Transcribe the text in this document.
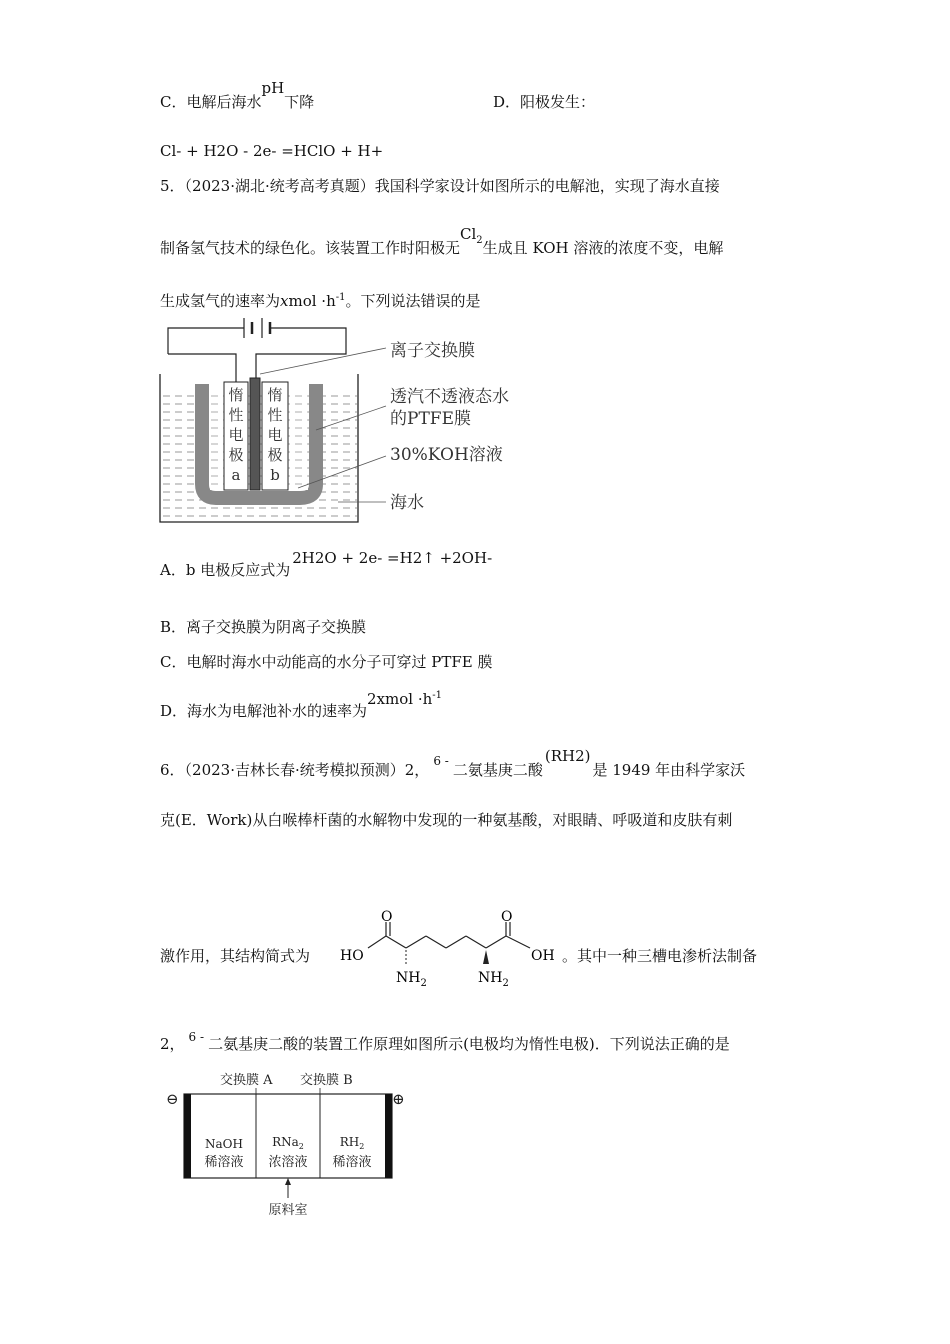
C．电解后海水pH下降	D．阳极发生：
Cl- + H2O - 2e- =HClO + H+
5．（2023·湖北·统考高考真题）我国科学家设计如图所示的电解池，实现了海水直接
制备氢气技术的绿色化。该装置工作时阳极无$Cl_2$生成且 KOH 溶液的浓度不变，电解
生成氢气的速率为xmol $\cdot h^{-1}$。下列说法错误的是
惰
性
电
极
a
惰
性
电
极
b
离子交换膜
透汽不透液态水
的PTFE膜
30%KOH溶液
海水
A．b 电极反应式为2H2O + 2e- =H2↑ +2OH-
B．离子交换膜为阴离子交换膜
C．电解时海水中动能高的水分子可穿过 PTFE 膜
D．海水为电解池补水的速率为2xmol $\cdot h^{-1}$
6．（2023·吉林长春·统考模拟预测）2， $^{6 -}$ 二氨基庚二酸(RH2)是 1949 年由科学家沃
克(E．Work)从白喉棒杆菌的水解物中发现的一种氨基酸，对眼睛、呼吸道和皮肤有刺
激作用，其结构简式为
O	O
HO	OH
$NH_2$	$NH_2$
。其中一种三槽电渗析法制备
2， $^{6 -}$ 二氨基庚二酸的装置工作原理如图所示(电极均为惰性电极)．下列说法正确的是
交换膜 A 交换膜 B
⊖	⊕
NaOH
稀溶液
RNa$_2$
浓溶液
$RH_2$
稀溶液
原料室
